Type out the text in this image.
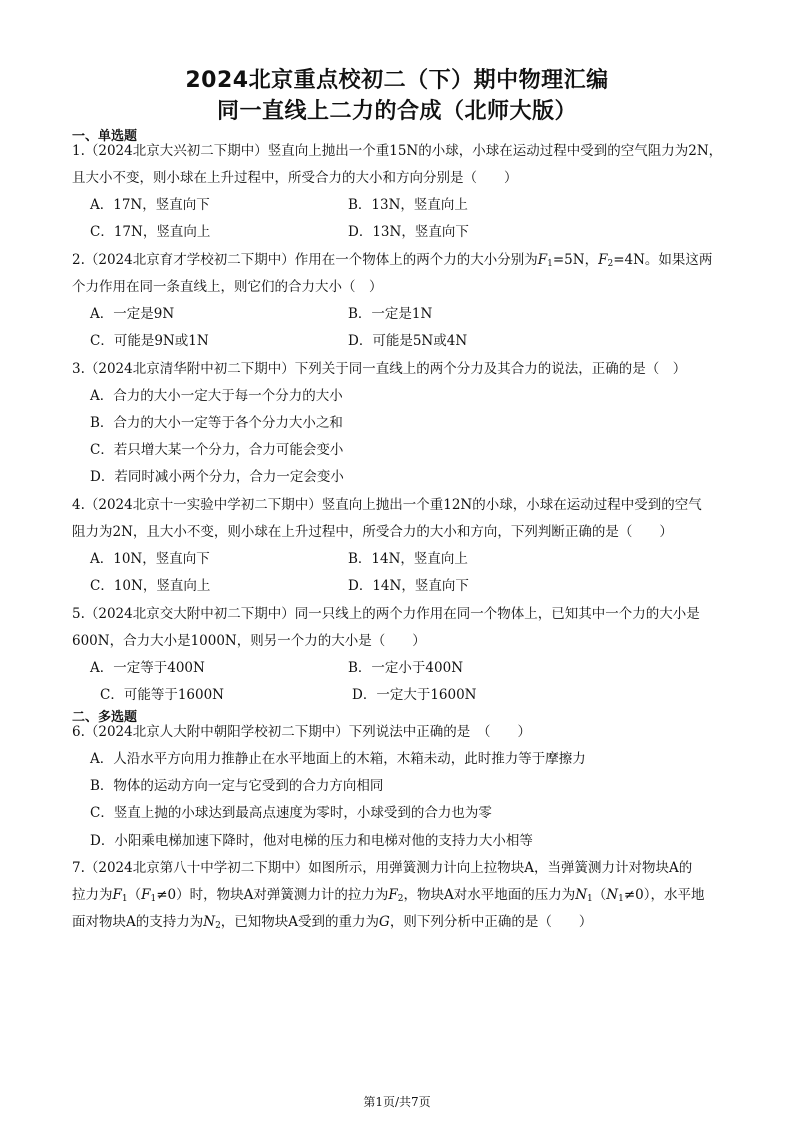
2024北京重点校初二（下）期中物理汇编
同一直线上二力的合成（北师大版）
一、单选题
1.（2024北京大兴初二下期中）竖直向上抛出一个重15N的小球，小球在运动过程中受到的空气阻力为2N，
且大小不变，则小球在上升过程中，所受合力的大小和方向分别是（　　）
A．17N，竖直向下	B．13N，竖直向上
C．17N，竖直向上	D．13N，竖直向下
2.（2024北京育才学校初二下期中）作用在一个物体上的两个力的大小分别为$F_1=5N$，$F_2=4N$。如果这两
个力作用在同一条直线上，则它们的合力大小（　）
A．一定是9N	B．一定是1N
C．可能是9N或1N	D．可能是5N或4N
3.（2024北京清华附中初二下期中）下列关于同一直线上的两个分力及其合力的说法，正确的是（　）
A．合力的大小一定大于每一个分力的大小
B．合力的大小一定等于各个分力大小之和
C．若只增大某一个分力，合力可能会变小
D．若同时减小两个分力，合力一定会变小
4.（2024北京十一实验中学初二下期中）竖直向上抛出一个重12N的小球，小球在运动过程中受到的空气
阻力为2N，且大小不变，则小球在上升过程中，所受合力的大小和方向，下列判断正确的是（　　）
A．10N，竖直向下	B．14N，竖直向上
C．10N，竖直向上	D．14N，竖直向下
5.（2024北京交大附中初二下期中）同一只线上的两个力作用在同一个物体上，已知其中一个力的大小是
600N，合力大小是1000N，则另一个力的大小是（　　）
A．一定等于400N	B．一定小于400N
C．可能等于1600N	D．一定大于1600N
二、多选题
6.（2024北京人大附中朝阳学校初二下期中）下列说法中正确的是　（　　）
A．人沿水平方向用力推静止在水平地面上的木箱，木箱未动，此时推力等于摩擦力
B．物体的运动方向一定与它受到的合力方向相同
C．竖直上抛的小球达到最高点速度为零时，小球受到的合力也为零
D．小阳乘电梯加速下降时，他对电梯的压力和电梯对他的支持力大小相等
7.（2024北京第八十中学初二下期中）如图所示，用弹簧测力计向上拉物块A，当弹簧测力计对物块A的
拉力为$F_1(F_1\ne 0)$时，物块A对弹簧测力计的拉力为$F_2$，物块A对水平地面的压力为$N_1(N_1\ne 0)$，水平地
面对物块A的支持力为$N_2$，已知物块A受到的重力为G，则下列分析中正确的是（　　）
第1页/共7页
